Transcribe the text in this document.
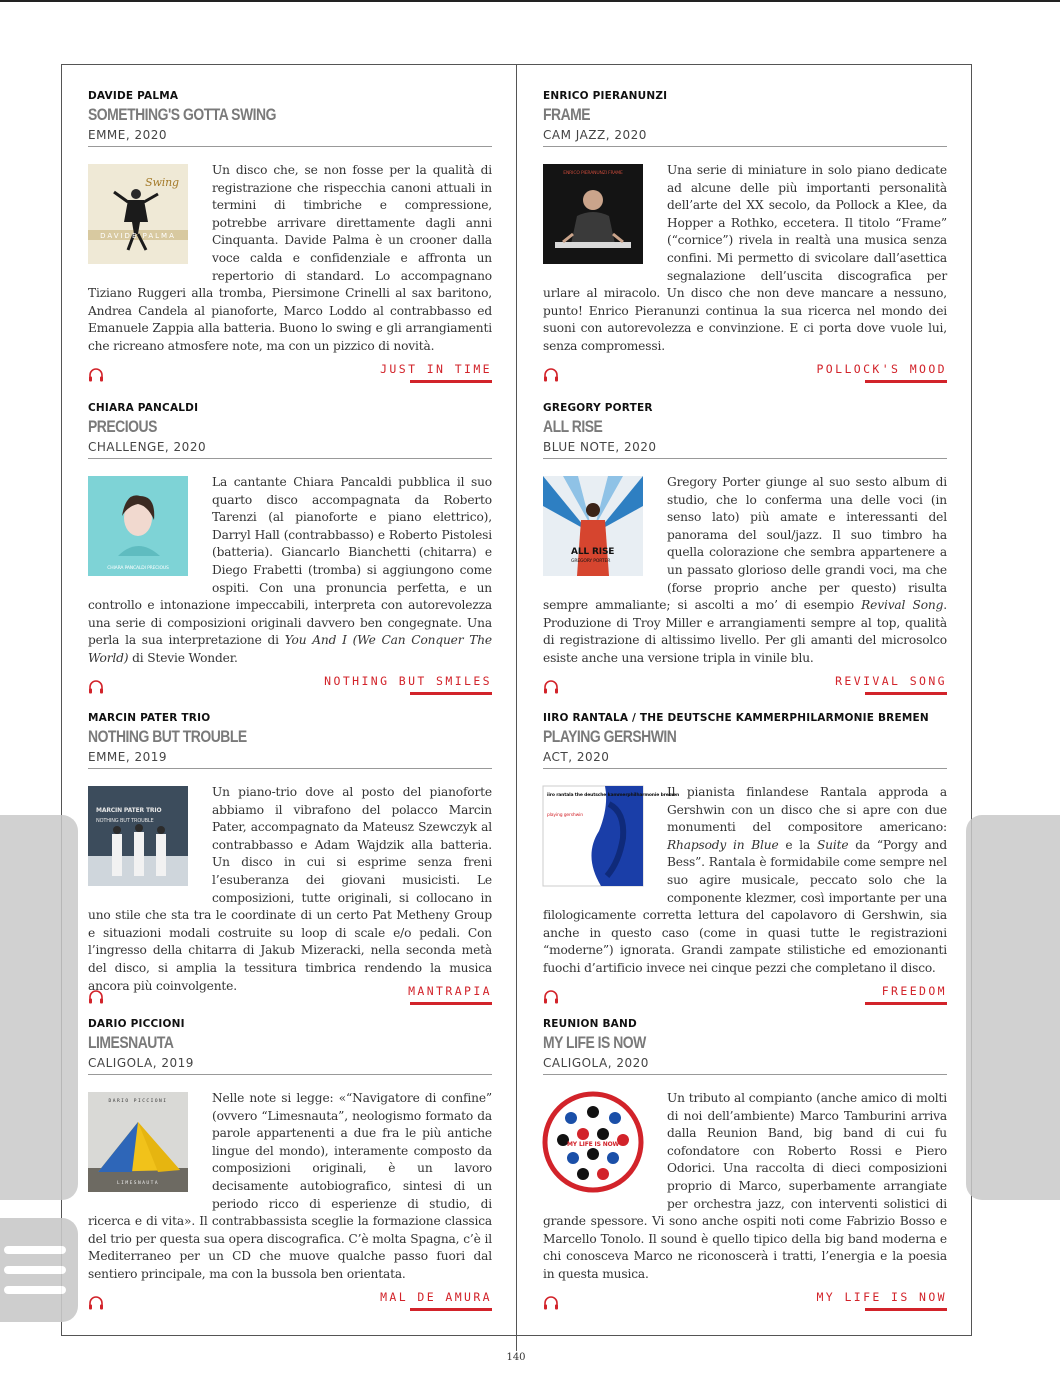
DAVIDE PALMA
SOMETHING'S GOTTA SWING
EMME, 2020
Swing
DAVIDE PALMA
Un disco che, se non fosse per la qualità di registrazione che rispecchia canoni attuali in termini di timbriche e compressione, potrebbe arrivare direttamente dagli anni Cinquanta. Davide Palma è un crooner dalla voce calda e confidenziale e affronta un repertorio di standard. Lo accompagnano Tiziano Ruggeri alla tromba, Piersimone Crinelli al sax baritono, Andrea Candela al pianoforte, Marco Loddo al contrabbasso ed Emanuele Zappia alla batteria. Buono lo swing e gli arrangiamenti che ricreano atmosfere note, ma con un pizzico di novità.
JUST IN TIME
ENRICO PIERANUNZI
FRAME
CAM JAZZ, 2020
ENRICO PIERANUNZI FRAME	Una serie di miniature in solo piano dedicate ad alcune delle più importanti personalità dell’arte del XX secolo, da Pollock a Klee, da Hopper a Rothko, eccetera. Il titolo “Frame” (“cornice”) rivela in realtà una musica senza confini. Mi permetto di svicolare dall’asettica segnalazione dell’uscita discografica per urlare al miracolo. Un disco che non deve mancare a nessuno, punto! Enrico Pieranunzi continua la sua ricerca nel mondo dei suoni con autorevolezza e convinzione. E ci porta dove vuole lui, senza compromessi.
POLLOCK'S MOOD
CHIARA PANCALDI
PRECIOUS
CHALLENGE, 2020
CHIARA PANCALDI PRECIOUS
La cantante Chiara Pancaldi pubblica il suo quarto disco accompagnata da Roberto Tarenzi (al pianoforte e piano elettrico), Darryl Hall (contrabbasso) e Roberto Pistolesi (batteria). Giancarlo Bianchetti (chitarra) e Diego Frabetti (tromba) si aggiungono come ospiti. Con una pronuncia perfetta, e un controllo e intonazione impeccabili, interpreta con autorevolezza una serie di composizioni originali davvero ben congegnate. Una perla la sua interpretazione di You And I (We Can Conquer The World) di Stevie Wonder.
NOTHING BUT SMILES
GREGORY PORTER
ALL RISE
BLUE NOTE, 2020
ALL RISE
GREGORY PORTER
Gregory Porter giunge al suo sesto album di studio, che lo conferma una delle voci (in senso lato) più amate e interessanti del panorama del soul/jazz. Il suo timbro ha quella colorazione che sembra appartenere a un passato glorioso delle grandi voci, ma che (forse proprio anche per questo) risulta sempre ammaliante; si ascolti a mo’ di esempio Revival Song. Produzione di Troy Miller e arrangiamenti sempre al top, qualità di registrazione di altissimo livello. Per gli amanti del microsolco esiste anche una versione tripla in vinile blu.
REVIVAL SONG
MARCIN PATER TRIO
NOTHING BUT TROUBLE
EMME, 2019
MARCIN PATER TRIO
NOTHING BUT TROUBLE
Un piano-trio dove al posto del pianoforte abbiamo il vibrafono del polacco Marcin Pater, accompagnato da Mateusz Szewczyk al contrabbasso e Adam Wajdzik alla batteria. Un disco in cui si esprime senza freni l’esuberanza dei giovani musicisti. Le composizioni, tutte originali, si collocano in uno stile che sta tra le coordinate di un certo Pat Metheny Group e situazioni modali costruite su loop di scale e/o pedali. Con l’ingresso della chitarra di Jakub Mizeracki, nella seconda metà del disco, si amplia la tessitura timbrica rendendo la musica ancora più coinvolgente.	MANTRAPIA
IIRO RANTALA / THE DEUTSCHE KAMMERPHILARMONIE BREMEN
PLAYING GERSHWIN
ACT, 2020
iiro rantala the deutsche kammerphilharmonie bremen
playing gershwin
Il pianista finlandese Rantala approda a Gershwin con un disco che si apre con due monumenti del compositore americano: Rhapsody in Blue e la Suite da “Porgy and Bess”. Rantala è formidabile come sempre nel suo agire musicale, peccato solo che la componente klezmer, così importante per una filologicamente corretta lettura del capolavoro di Gershwin, sia anche in questo caso (come in quasi tutte le registrazioni “moderne”) ignorata. Grandi zampate stilistiche ed emozionanti fuochi d’artificio invece nei cinque pezzi che completano il disco.
FREEDOM
DARIO PICCIONI
LIMESNAUTA
CALIGOLA, 2019
DARIO PICCIONI
LIMESNAUTA
Nelle note si legge: «“Navigatore di confine” (ovvero “Limesnauta”, neologismo formato da parole appartenenti a due fra le più antiche lingue del mondo), interamente composto da composizioni originali, è un lavoro decisamente autobiografico, sintesi di un periodo ricco di esperienze di studio, di ricerca e di vita». Il contrabbassista sceglie la formazione classica del trio per questa sua opera discografica. C’è molta Spagna, c’è il Mediterraneo per un CD che muove qualche passo fuori dal sentiero principale, ma con la bussola ben orientata.
MAL DE AMURA
REUNION BAND
MY LIFE IS NOW
CALIGOLA, 2020
MY LIFE IS NOW
Un tributo al compianto (anche amico di molti di noi dell’ambiente) Marco Tamburini arriva dalla Reunion Band, big band di cui fu cofondatore con Roberto Rossi e Piero Odorici. Una raccolta di dieci composizioni proprio di Marco, superbamente arrangiate per orchestra jazz, con interventi solistici di grande spessore. Vi sono anche ospiti noti come Fabrizio Bosso e Marcello Tonolo. Il sound è quello tipico della big band moderna e chi conosceva Marco ne riconoscerà i tratti, l’energia e la poesia in questa musica.
MY LIFE IS NOW
140
